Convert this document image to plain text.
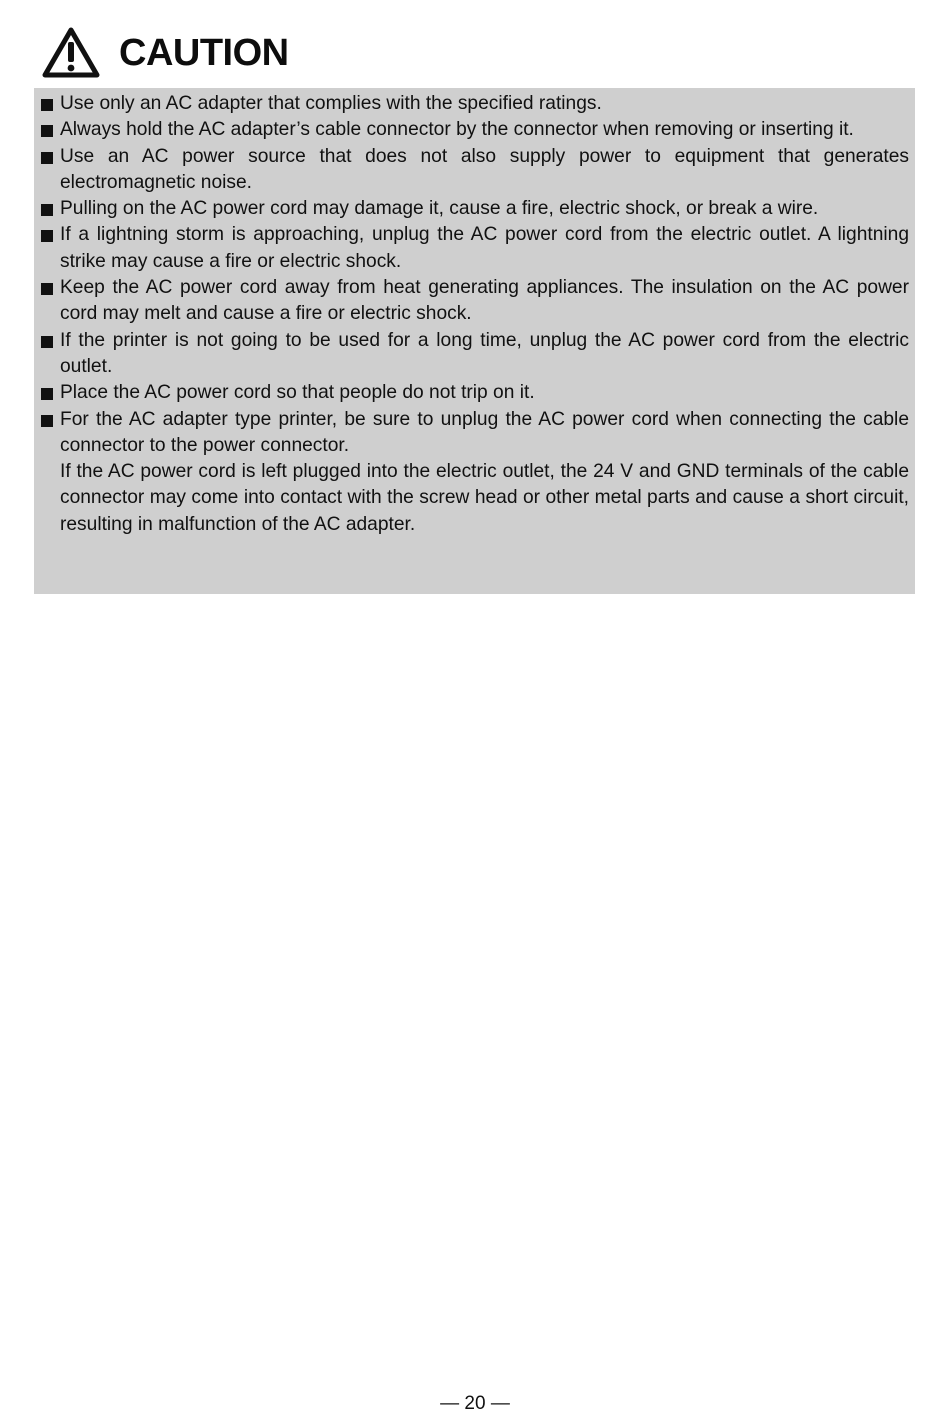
CAUTION
Use only an AC adapter that complies with the specified ratings.
Always hold the AC adapter’s cable connector by the connector when removing or inserting it.
Use an AC power source that does not also supply power to equipment that generates electromagnetic noise.
Pulling on the AC power cord may damage it, cause a fire, electric shock, or break a wire.
If a lightning storm is approaching, unplug the AC power cord from the electric outlet. A lightning strike may cause a fire or electric shock.
Keep the AC power cord away from heat generating appliances. The insulation on the AC power cord may melt and cause a fire or electric shock.
If the printer is not going to be used for a long time, unplug the AC power cord from the electric outlet.
Place the AC power cord so that people do not trip on it.
For the AC adapter type printer, be sure to unplug the AC power cord when connecting the cable connector to the power connector.
If the AC power cord is left plugged into the electric outlet, the 24 V and GND terminals of the cable connector may come into contact with the screw head or other metal parts and cause a short circuit, resulting in malfunction of the AC adapter.
— 20 —
